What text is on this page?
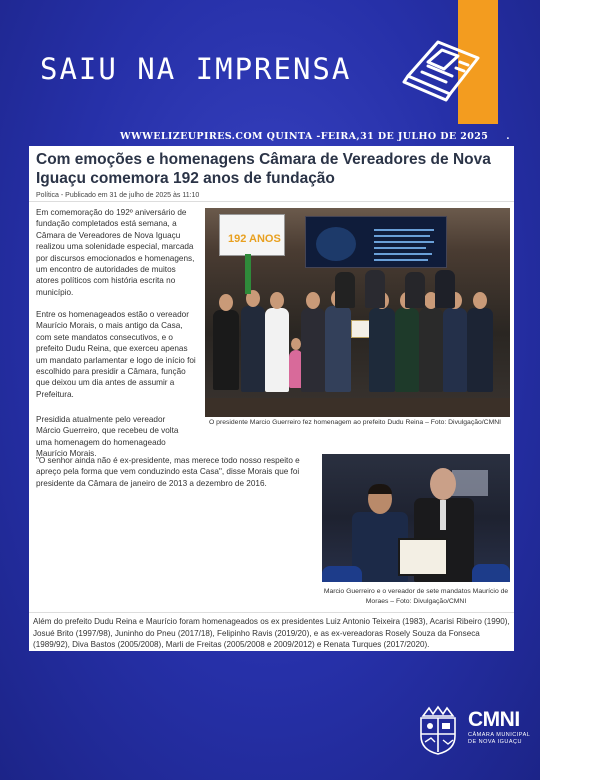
SAIU NA IMPRENSA
WWWELIZEUPIRES.COM QUINTA -FEIRA,31 DE JULHO DE 2025 . . .
Com emoções e homenagens Câmara de Vereadores de Nova Iguaçu comemora 192 anos de fundação
Política - Publicado em 31 de julho de 2025 às 11:10
Em comemoração do 192º aniversário de fundação completados está semana, a Câmara de Vereadores de Nova Iguaçu realizou uma solenidade especial, marcada por discursos emocionados e homenagens, um encontro de autoridades de muitos atores políticos com história escrita no município.
Entre os homenageados estão o vereador Maurício Morais, o mais antigo da Casa, com sete mandatos consecutivos, e o prefeito Dudu Reina, que exerceu apenas um mandato parlamentar e logo de início foi escolhido para presidir a Câmara, função que deixou um dia antes de assumir a Prefeitura.
Presidida atualmente pelo vereador Márcio Guerreiro, que recebeu de volta uma homenagem do homenageado Maurício Morais.
"O senhor ainda não é ex-presidente, mas merece todo nosso respeito e apreço pela forma que vem conduzindo esta Casa", disse Morais que foi presidente da Câmara de janeiro de 2013 a dezembro de 2016.
192 ANOS
O presidente Marcio Guerreiro fez homenagem ao prefeito Dudu Reina – Foto: Divulgação/CMNI
Marcio Guerreiro e o vereador de sete mandatos Maurício de Moraes – Foto: Divulgação/CMNI
Além do prefeito Dudu Reina e Maurício foram homenageados os ex presidentes Luiz Antonio Teixeira (1983), Acarisi Ribeiro (1990), Josué Brito (1997/98), Juninho do Pneu (2017/18), Felipinho Ravis (2019/20), e as ex-vereadoras Rosely Souza da Fonseca (1989/92), Diva Bastos (2005/2008), Marli de Freitas (2005/2008 e 2009/2012) e Renata Turques (2017/2020).
CMNI
CÂMARA MUNICIPAL
DE NOVA IGUAÇU
